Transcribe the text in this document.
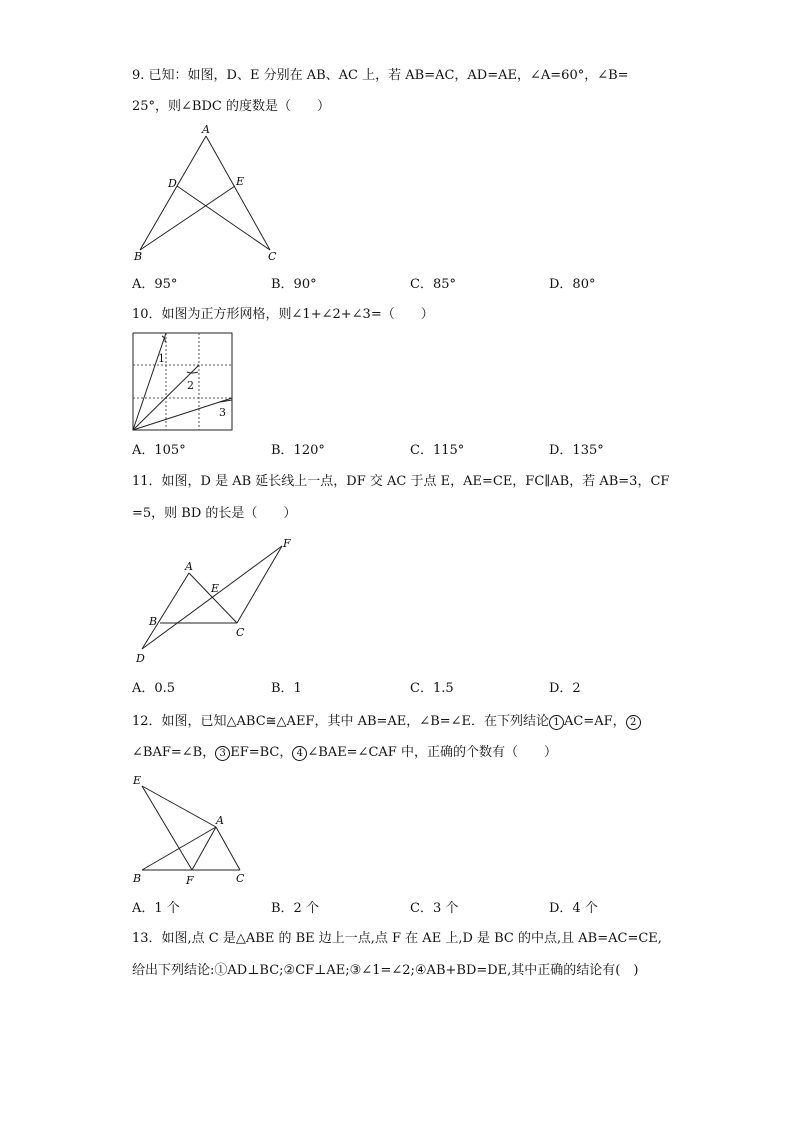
9. 已知：如图，D、E 分别在 AB、AC 上，若 AB=AC，AD=AE，∠A=60°，∠B=
25°，则∠BDC 的度数是（　　）
A
B	C
D	E
A．95°	B．90°	C．85°	D．80°
10．如图为正方形网格，则∠1+∠2+∠3=（　　）
1
2
3
A．105°	B．120°	C．115°	D．135°
11．如图，D 是 AB 延长线上一点，DF 交 AC 于点 E，AE=CE，FC∥AB，若 AB=3，CF
=5，则 BD 的长是（　　）
A
B
C
D
E
F
A．0.5	B．1	C．1.5	D．2
12．如图，已知△ABC≅△AEF，其中 AB=AE，∠B=∠E．在下列结论 1 AC=AF， 2
∠BAF=∠B， 3 EF=BC， 4 ∠BAE=∠CAF 中，正确的个数有（　　）
E
A
B	F	C
A．1 个	B．2 个	C．3 个	D．4 个
13．如图,点 C 是△ABE 的 BE 边上一点,点 F 在 AE 上,D 是 BC 的中点,且 AB=AC=CE,
给出下列结论:①AD⊥BC;②CF⊥AE;③∠1=∠2;④AB+BD=DE,其中正确的结论有(　)
